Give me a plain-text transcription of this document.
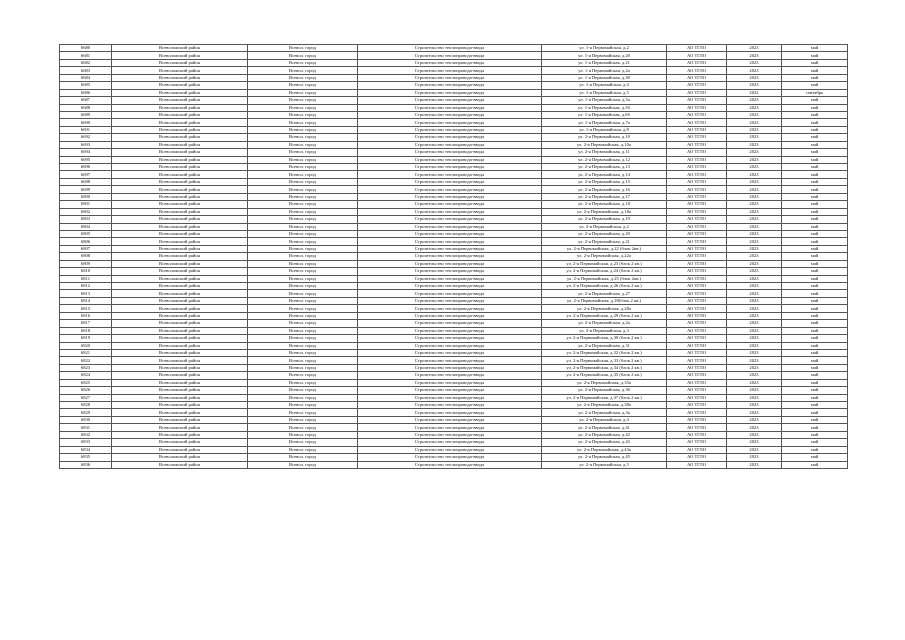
6680	Всеволожский район	Всевол. город	Строительство теплопровода-ввода	ул. 1-я Первомайская, д.2	АО ТГЛО	2023	май
6681	Всеволожский район	Всевол. город	Строительство теплопровода-ввода	ул. 1-я Первомайская, д.20	АО ТГЛО	2023	май
6682	Всеволожский район	Всевол. город	Строительство теплопровода-ввода	ул. 1-я Первомайская, д.21	АО ТГЛО	2023	май
6683	Всеволожский район	Всевол. город	Строительство теплопровода-ввода	ул. 1-я Первомайская, д.2а	АО ТГЛО	2023	май
6684	Всеволожский район	Всевол. город	Строительство теплопровода-ввода	ул. 1-я Первомайская, д.30	АО ТГЛО	2023	май
6685	Всеволожский район	Всевол. город	Строительство теплопровода-ввода	ул. 1-я Первомайская, д.4	АО ТГЛО	2023	май
6686	Всеволожский район	Всевол. город	Строительство теплопровода-ввода	ул. 1-я Первомайская, д.5	АО ТГЛО	2022	сентябрь
6687	Всеволожский район	Всевол. город	Строительство теплопровода-ввода	ул. 1-я Первомайская, д.5а	АО ТГЛО	2023	май
6688	Всеволожский район	Всевол. город	Строительство теплопровода-ввода	ул. 1-я Первомайская, д.5б	АО ТГЛО	2023	май
6689	Всеволожский район	Всевол. город	Строительство теплопровода-ввода	ул. 1-я Первомайская, д.6б	АО ТГЛО	2023	май
6690	Всеволожский район	Всевол. город	Строительство теплопровода-ввода	ул. 1-я Первомайская, д.7а	АО ТГЛО	2023	май
6691	Всеволожский район	Всевол. город	Строительство теплопровода-ввода	ул. 1-я Первомайская, д.8	АО ТГЛО	2023	май
6692	Всеволожский район	Всевол. город	Строительство теплопровода-ввода	ул. 2-я Первомайская, д.10	АО ТГЛО	2023	май
6693	Всеволожский район	Всевол. город	Строительство теплопровода-ввода	ул. 2-я Первомайская, д.10а	АО ТГЛО	2023	май
6694	Всеволожский район	Всевол. город	Строительство теплопровода-ввода	ул. 2-я Первомайская, д.11	АО ТГЛО	2023	май
6695	Всеволожский район	Всевол. город	Строительство теплопровода-ввода	ул. 2-я Первомайская, д.12	АО ТГЛО	2023	май
6696	Всеволожский район	Всевол. город	Строительство теплопровода-ввода	ул. 2-я Первомайская, д.13	АО ТГЛО	2023	май
6697	Всеволожский район	Всевол. город	Строительство теплопровода-ввода	ул. 2-я Первомайская, д.14	АО ТГЛО	2023	май
6698	Всеволожский район	Всевол. город	Строительство теплопровода-ввода	ул. 2-я Первомайская, д.15	АО ТГЛО	2023	май
6699	Всеволожский район	Всевол. город	Строительство теплопровода-ввода	ул. 2-я Первомайская, д.16	АО ТГЛО	2023	май
6800	Всеволожский район	Всевол. город	Строительство теплопровода-ввода	ул. 2-я Первомайская, д.17	АО ТГЛО	2023	май
6801	Всеволожский район	Всевол. город	Строительство теплопровода-ввода	ул. 2-я Первомайская, д.18	АО ТГЛО	2023	май
6802	Всеволожский район	Всевол. город	Строительство теплопровода-ввода	ул. 2-я Первомайская, д.18а	АО ТГЛО	2023	май
6803	Всеволожский район	Всевол. город	Строительство теплопровода-ввода	ул. 2-я Первомайская, д.19	АО ТГЛО	2023	май
6804	Всеволожский район	Всевол. город	Строительство теплопровода-ввода	ул. 2-я Первомайская, д.2	АО ТГЛО	2023	май
6805	Всеволожский район	Всевол. город	Строительство теплопровода-ввода	ул. 2-я Первомайская, д.20	АО ТГЛО	2023	май
6806	Всеволожский район	Всевол. город	Строительство теплопровода-ввода	ул. 2-я Первомайская, д.21	АО ТГЛО	2023	май
6807	Всеволожский район	Всевол. город	Строительство теплопровода-ввода	ул. 2-я Первомайская, д.22 (блок 2кв.)	АО ТГЛО	2023	май
6808	Всеволожский район	Всевол. город	Строительство теплопровода-ввода	ул. 2-я Первомайская, д.22а	АО ТГЛО	2023	май
6809	Всеволожский район	Всевол. город	Строительство теплопровода-ввода	ул. 2-я Первомайская, д.23 (блок 2 кв.)	АО ТГЛО	2023	май
6810	Всеволожский район	Всевол. город	Строительство теплопровода-ввода	ул. 2-я Первомайская, д.24 (блок 2 кв.)	АО ТГЛО	2023	май
6811	Всеволожский район	Всевол. город	Строительство теплопровода-ввода	ул. 2-я Первомайская, д.25 (блок 2кв.)	АО ТГЛО	2023	май
6812	Всеволожский район	Всевол. город	Строительство теплопровода-ввода	ул. 2-я Первомайская, д.26 (блок 2 кв.)	АО ТГЛО	2023	май
6813	Всеволожский район	Всевол. город	Строительство теплопровода-ввода	ул. 2-я Первомайская, д.27	АО ТГЛО	2023	май
6814	Всеволожский район	Всевол. город	Строительство теплопровода-ввода	ул. 2-я Первомайская, д.28(блок 2 кв.)	АО ТГЛО	2023	май
6815	Всеволожский район	Всевол. город	Строительство теплопровода-ввода	ул. 2-я Первомайская, д.28а	АО ТГЛО	2023	май
6816	Всеволожский район	Всевол. город	Строительство теплопровода-ввода	ул. 2-я Первомайская, д.29 (блок 2 кв.)	АО ТГЛО	2023	май
6817	Всеволожский район	Всевол. город	Строительство теплопровода-ввода	ул. 2-я Первомайская, д.2а	АО ТГЛО	2023	май
6818	Всеволожский район	Всевол. город	Строительство теплопровода-ввода	ул. 2-я Первомайская, д.3	АО ТГЛО	2023	май
6819	Всеволожский район	Всевол. город	Строительство теплопровода-ввода	ул. 2-я Первомайская, д.30 (блок 2 кв.)	АО ТГЛО	2023	май
6820	Всеволожский район	Всевол. город	Строительство теплопровода-ввода	ул. 2-я Первомайская, д.31	АО ТГЛО	2023	май
6821	Всеволожский район	Всевол. город	Строительство теплопровода-ввода	ул. 2-я Первомайская, д.32 (блок 2 кв.)	АО ТГЛО	2023	май
6822	Всеволожский район	Всевол. город	Строительство теплопровода-ввода	ул. 2-я Первомайская, д.33 (блок 2 кв.)	АО ТГЛО	2023	май
6823	Всеволожский район	Всевол. город	Строительство теплопровода-ввода	ул. 2-я Первомайская, д.34 (блок 2 кв.)	АО ТГЛО	2023	май
6824	Всеволожский район	Всевол. город	Строительство теплопровода-ввода	ул. 2-я Первомайская, д.35 (блок 2 кв.)	АО ТГЛО	2023	май
6825	Всеволожский район	Всевол. город	Строительство теплопровода-ввода	ул. 2-я Первомайская, д.35а	АО ТГЛО	2023	май
6826	Всеволожский район	Всевол. город	Строительство теплопровода-ввода	ул. 2-я Первомайская, д.36	АО ТГЛО	2023	май
6827	Всеволожский район	Всевол. город	Строительство теплопровода-ввода	ул. 2-я Первомайская, д.37 (блок 2 кв.)	АО ТГЛО	2023	май
6828	Всеволожский район	Всевол. город	Строительство теплопровода-ввода	ул. 2-я Первомайская, д.38а	АО ТГЛО	2023	май
6829	Всеволожский район	Всевол. город	Строительство теплопровода-ввода	ул. 2-я Первомайская, д.3а	АО ТГЛО	2023	май
6830	Всеволожский район	Всевол. город	Строительство теплопровода-ввода	ул. 2-я Первомайская, д.4	АО ТГЛО	2023	май
6831	Всеволожский район	Всевол. город	Строительство теплопровода-ввода	ул. 2-я Первомайская, д.41	АО ТГЛО	2023	май
6832	Всеволожский район	Всевол. город	Строительство теплопровода-ввода	ул. 2-я Первомайская, д.42	АО ТГЛО	2023	май
6833	Всеволожский район	Всевол. город	Строительство теплопровода-ввода	ул. 2-я Первомайская, д.43	АО ТГЛО	2023	май
6834	Всеволожский район	Всевол. город	Строительство теплопровода-ввода	ул. 2-я Первомайская, д.43а	АО ТГЛО	2023	май
6835	Всеволожский район	Всевол. город	Строительство теплопровода-ввода	ул. 2-я Первомайская, д.45	АО ТГЛО	2023	май
6836	Всеволожский район	Всевол. город	Строительство теплопровода-ввода	ул. 2-я Первомайская, д.5	АО ТГЛО	2023	май
